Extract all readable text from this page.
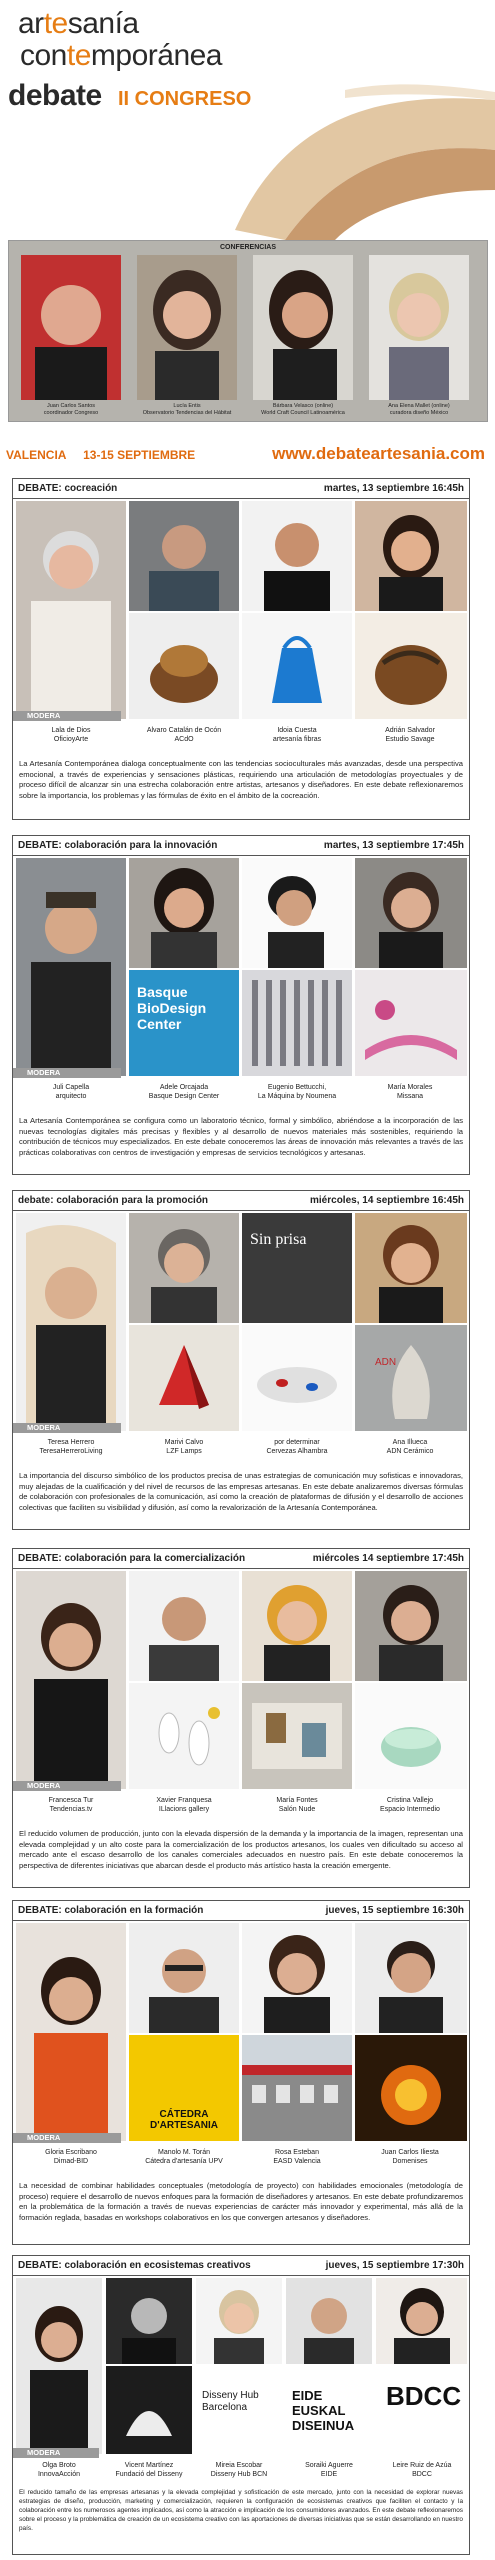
artesanía
contemporánea
debate II CONGRESO
CONFERENCIAS
Juan Carlos Santos
coordinador Congreso
Lucía Entis
Observatorio Tendencias del Hábitat
Bárbara Velasco (online)
World Craft Council Latinoamérica
Ana Elena Mallet (online)
curadora diseño México
VALENCIA 13-15 SEPTIEMBRE	www.debateartesania.com
DEBATE: cocreación	martes, 13 septiembre 16:45h
MODERA
Lala de Dios
OficioyArte
Alvaro Catalán de Ocón
ACdO
Idoia Cuesta
artesanía fibras
Adrián Salvador
Estudio Savage
La Artesanía Contemporánea dialoga conceptualmente con las tendencias socioculturales más avanzadas, desde una perspectiva emocional, a través de experiencias y sensaciones plásticas, requiriendo una articulación de metodologías proyectuales y de proceso difícil de alcanzar sin una estrecha colaboración entre artistas, artesanos y diseñadores. En este debate reflexionaremos sobre la importancia, los problemas y las fórmulas de éxito en el ámbito de la cocreación.
DEBATE: colaboración para la innovación	martes, 13 septiembre 17:45h
Basque BioDesign Center
MODERA
Juli Capella
arquitecto
Adele Orcajada
Basque Design Center
Eugenio Bettucchi,
La Máquina by Noumena
María Morales
Missana
La Artesanía Contemporánea se configura como un laboratorio técnico, formal y simbólico, abriéndose a la incorporación de las nuevas tecnologías digitales más precisas y flexibles y al desarrollo de nuevos materiales más sostenibles, requiriendo la contribución de técnicos muy especializados. En este debate conoceremos las áreas de innovación más relevantes a través de las prácticas colaborativas con centros de investigación y empresas de servicios tecnológicos y artesanas.
debate: colaboración para la promoción	miércoles, 14 septiembre 16:45h
Sin prisa
ADN
MODERA
Teresa Herrero
TeresaHerreroLiving
Marivi Calvo
LZF Lamps
por determinar
Cervezas Alhambra
Ana Illueca
ADN Cerámico
La importancia del discurso simbólico de los productos precisa de unas estrategias de comunicación muy sofisticas e innovadoras, muy alejadas de la cualificación y del nivel de recursos de las empresas artesanas. En este debate analizaremos diversas fórmulas de colaboración con profesionales de la comunicación, así como la creación de plataformas de difusión y el desarrollo de acciones colectivas que faciliten su visibilidad y difusión, así como la revalorización de la Artesanía Contemporánea.
DEBATE: colaboración para la comercialización	miércoles 14 septiembre 17:45h
MODERA
Francesca Tur
Tendencias.tv
Xavier Franquesa
ILlacions gallery
María Fontes
Salón Nude
Cristina Vallejo
Espacio Intermedio
El reducido volumen de producción, junto con la elevada dispersión de la demanda y la importancia de la imagen, representan una elevada complejidad y un alto coste para la comercialización de los productos artesanos, los cuales ven dificultado su acceso al mercado ante el escaso desarrollo de los canales comerciales adecuados en nuestro país. En este debate conoceremos la perspectiva de diferentes iniciativas que abarcan desde el producto más artístico hasta la creación emergente.
DEBATE: colaboración en la formación	jueves, 15 septiembre 16:30h
CÁTEDRA D'ARTESANIA
MODERA
Gloria Escribano
Dimad-BID
Manolo M. Torán
Cátedra d'artesanía UPV
Rosa Esteban
EASD Valencia
Juan Carlos Iliesta
Domenises
La necesidad de combinar habilidades conceptuales (metodología de proyecto) con habilidades emocionales (metodología de proceso) requiere el desarrollo de nuevos enfoques para la formación de diseñadores y artesanos. En este debate profundizaremos en la problemática de la formación a través de nuevas experiencias de carácter más innovador y experimental, más allá de la formación reglada, basadas en workshops colaborativos en los que convergen artesanos y diseñadores.
DEBATE: colaboración en ecosistemas creativos	jueves, 15 septiembre 17:30h
Disseny Hub Barcelona
EIDE EUSKAL DISEINUA
BDCC
MODERA
Olga Broto
InnovaAcción
Vicent Martínez
Fundació del Disseny
Mireia Escobar
Disseny Hub BCN
Soraiki Aguerre
EIDE
Leire Ruiz de Azúa
BDCC
El reducido tamaño de las empresas artesanas y la elevada complejidad y sofisticación de este mercado, junto con la necesidad de explorar nuevas estrategias de diseño, producción, marketing y comercialización, requieren la configuración de ecosistemas creativos que faciliten el contacto y la colaboración entre los numerosos agentes implicados, así como la atracción e implicación de los consumidores avanzados. En este debate reflexionaremos sobre el proceso y la problemática de creación de un ecosistema creativo con las aportaciones de diversas iniciativas que se están desarrollando en nuestro país.
